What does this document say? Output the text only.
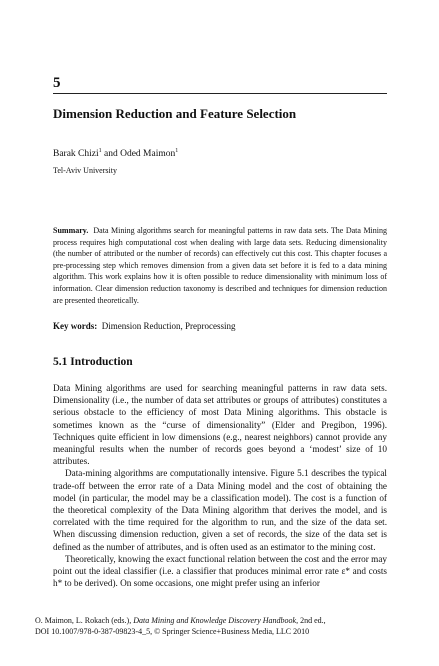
5
Dimension Reduction and Feature Selection
Barak Chizi$^1$ and Oded Maimon$^1$
Tel-Aviv University
Summary. Data Mining algorithms search for meaningful patterns in raw data sets. The Data Mining process requires high computational cost when dealing with large data sets. Reducing dimensionality (the number of attributed or the number of records) can effectively cut this cost. This chapter focuses a pre-processing step which removes dimension from a given data set before it is fed to a data mining algorithm. This work explains how it is often possible to reduce dimensionality with minimum loss of information. Clear dimension reduction taxonomy is described and techniques for dimension reduction are presented theoretically.
Key words: Dimension Reduction, Preprocessing
5.1 Introduction

Data Mining algorithms are used for searching meaningful patterns in raw data sets. Dimensionality (i.e., the number of data set attributes or groups of attributes) constitutes a serious obstacle to the efficiency of most Data Mining algorithms. This obstacle is sometimes known as the “curse of dimensionality” (Elder and Pregibon, 1996). Techniques quite efficient in low dimensions (e.g., nearest neighbors) cannot provide any meaningful results when the number of records goes beyond a ‘modest’ size of 10 attributes.

Data-mining algorithms are computationally intensive. Figure 5.1 describes the typical trade-off between the error rate of a Data Mining model and the cost of obtaining the model (in particular, the model may be a classification model). The cost is a function of the theoretical complexity of the Data Mining algorithm that derives the model, and is correlated with the time required for the algorithm to run, and the size of the data set. When discussing dimension reduction, given a set of records, the size of the data set is defined as the number of attributes, and is often used as an estimator to the mining cost.

Theoretically, knowing the exact functional relation between the cost and the error may point out the ideal classifier (i.e. a classifier that produces minimal error rate ε* and costs h* to be derived). On some occasions, one might prefer using an inferior

O. Maimon, L. Rokach (eds.), Data Mining and Knowledge Discovery Handbook, 2nd ed.,
DOI 10.1007/978-0-387-09823-4_5, © Springer Science+Business Media, LLC 2010
